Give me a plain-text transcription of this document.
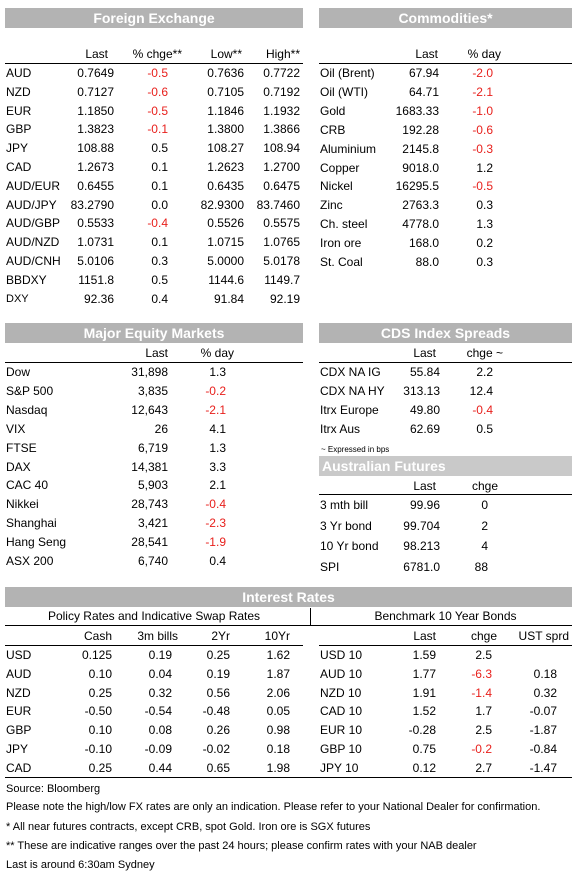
Foreign Exchange
Last	% chge**	Low**	High**
AUD	0.7649	-0.5	0.7636	0.7722
NZD	0.7127	-0.6	0.7105	0.7192
EUR	1.1850	-0.5	1.1846	1.1932
GBP	1.3823	-0.1	1.3800	1.3866
JPY	108.88	0.5	108.27	108.94
CAD	1.2673	0.1	1.2623	1.2700
AUD/EUR	0.6455	0.1	0.6435	0.6475
AUD/JPY	83.2790	0.0	82.9300	83.7460
AUD/GBP	0.5533	-0.4	0.5526	0.5575
AUD/NZD	1.0731	0.1	1.0715	1.0765
AUD/CNH	5.0106	0.3	5.0000	5.0178
BBDXY	1151.8	0.5	1144.6	1149.7
DXY	92.36	0.4	91.84	92.19
Commodities*
Last	% day
Oil (Brent)	67.94	-2.0
Oil (WTI)	64.71	-2.1
Gold	1683.33	-1.0
CRB	192.28	-0.6
Aluminium	2145.8	-0.3
Copper	9018.0	1.2
Nickel	16295.5	-0.5
Zinc	2763.3	0.3
Ch. steel	4778.0	1.3
Iron ore	168.0	0.2
St. Coal	88.0	0.3
Major Equity Markets
Last	% day
Dow	31,898	1.3
S&P 500	3,835	-0.2
Nasdaq	12,643	-2.1
VIX	26	4.1
FTSE	6,719	1.3
DAX	14,381	3.3
CAC 40	5,903	2.1
Nikkei	28,743	-0.4
Shanghai	3,421	-2.3
Hang Seng	28,541	-1.9
ASX 200	6,740	0.4
CDS Index Spreads
Last	chge ~
CDX NA IG	55.84	2.2
CDX NA HY	313.13	12.4
Itrx Europe	49.80	-0.4
Itrx Aus	62.69	0.5
~ Expressed in bps
Australian Futures
Last	chge
3 mth bill	99.96	0
3 Yr bond	99.704	2
10 Yr bond	98.213	4
SPI	6781.0	88
Interest Rates
Policy Rates and Indicative Swap Rates	Benchmark 10 Year Bonds
Cash	3m bills	2Yr	10Yr	Last	chge	UST sprd
USD	0.125	0.19	0.25	1.62
AUD	0.10	0.04	0.19	1.87
NZD	0.25	0.32	0.56	2.06
EUR	-0.50	-0.54	-0.48	0.05
GBP	0.10	0.08	0.26	0.98
JPY	-0.10	-0.09	-0.02	0.18
CAD	0.25	0.44	0.65	1.98
USD 10	1.59	2.5
AUD 10	1.77	-6.3	0.18
NZD 10	1.91	-1.4	0.32
CAD 10	1.52	1.7	-0.07
EUR 10	-0.28	2.5	-1.87
GBP 10	0.75	-0.2	-0.84
JPY 10	0.12	2.7	-1.47
Source: Bloomberg
Please note the high/low FX rates are only an indication. Please refer to your National Dealer for confirmation.
* All near futures contracts, except CRB, spot Gold. Iron ore is SGX futures
** These are indicative ranges over the past 24 hours; please confirm rates with your NAB dealer
Last is around 6:30am Sydney
